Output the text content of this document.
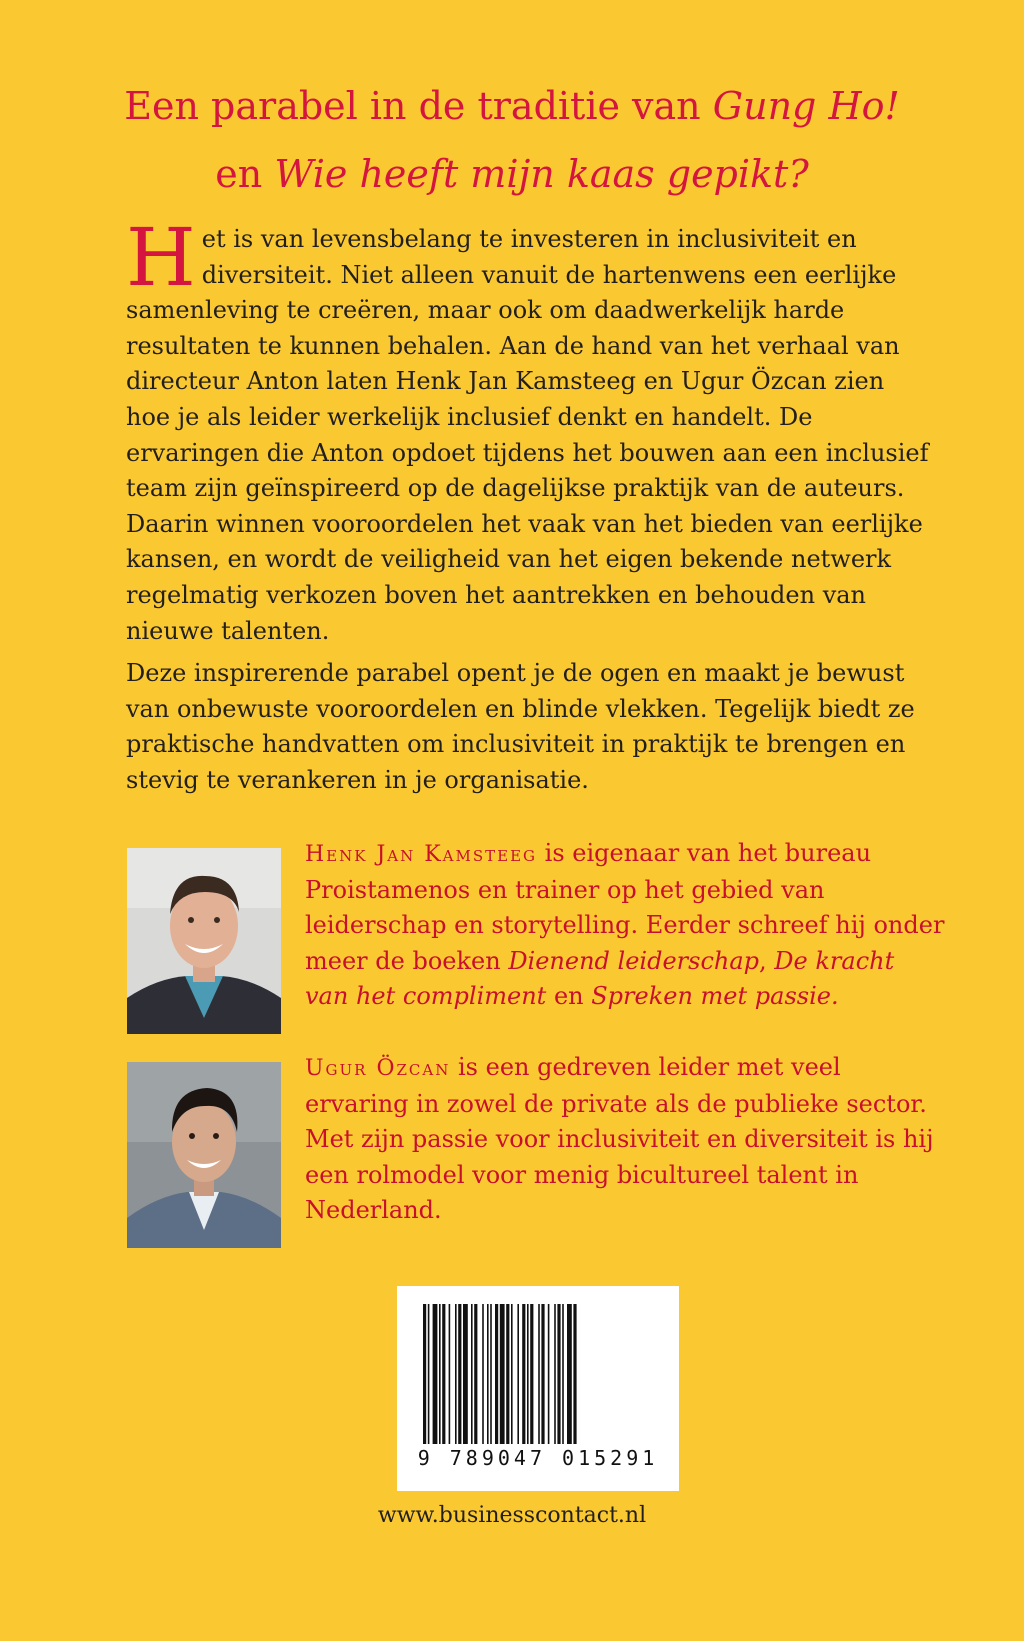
Een parabel in de traditie van Gung Ho!
en Wie heeft mijn kaas gepikt?

Het is van levensbelang te investeren in inclusiviteit en diversiteit. Niet alleen vanuit de hartenwens een eerlijke samenleving te creëren, maar ook om daadwerkelijk harde resultaten te kunnen behalen. Aan de hand van het verhaal van directeur Anton laten Henk Jan Kamsteeg en Ugur Özcan zien hoe je als leider werkelijk inclusief denkt en handelt. De ervaringen die Anton opdoet tijdens het bouwen aan een inclusief team zijn geïnspireerd op de dagelijkse praktijk van de auteurs. Daarin winnen vooroordelen het vaak van het bieden van eerlijke kansen, en wordt de veiligheid van het eigen bekende netwerk regelmatig verkozen boven het aantrekken en behouden van nieuwe talenten.

Deze inspirerende parabel opent je de ogen en maakt je bewust van onbewuste vooroordelen en blinde vlekken. Tegelijk biedt ze praktische handvatten om inclusiviteit in praktijk te brengen en stevig te verankeren in je organisatie.

Henk Jan Kamsteeg is eigenaar van het bureau Proistamenos en trainer op het gebied van leiderschap en storytelling. Eerder schreef hij onder meer de boeken Dienend leiderschap, De kracht van het compliment en Spreken met passie.

Ugur Özcan is een gedreven leider met veel ervaring in zowel de private als de publieke sector. Met zijn passie voor inclusiviteit en diversiteit is hij een rolmodel voor menig bicultureel talent in Nederland.

9 789047 015291
www.businesscontact.nl
